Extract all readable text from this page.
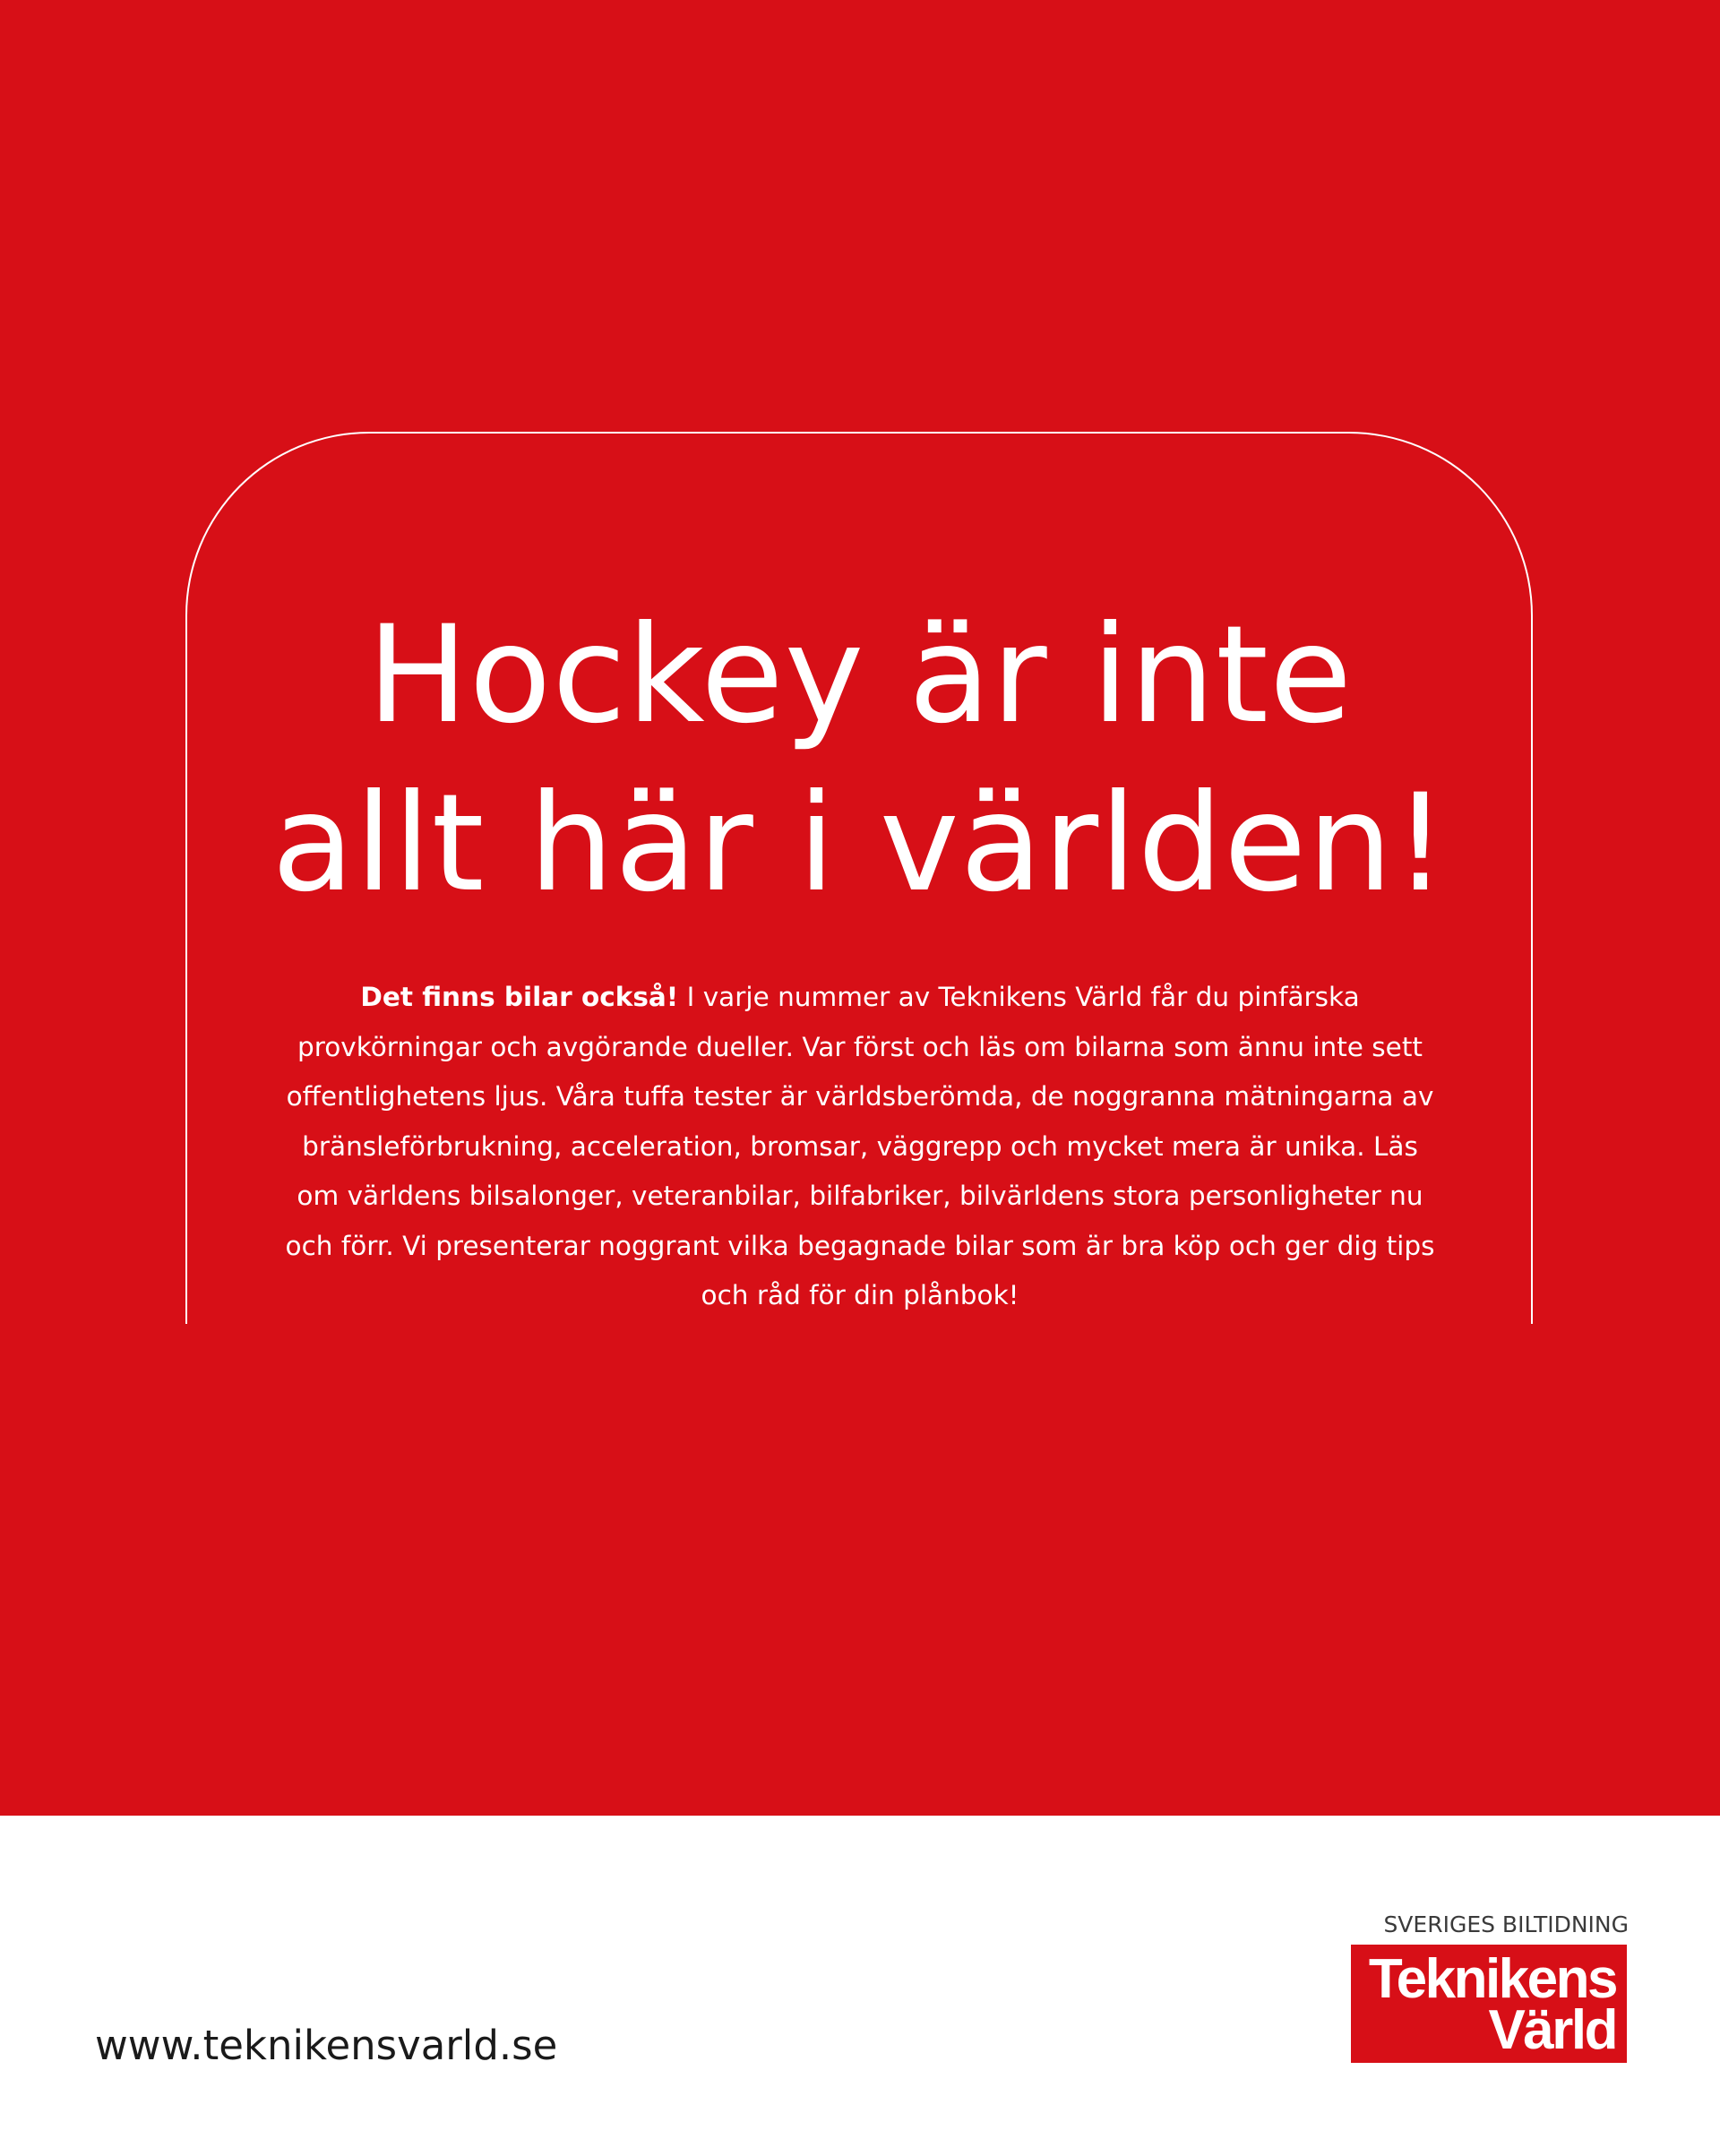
Hockey är inte
allt här i världen!

Det finns bilar också! I varje nummer av Teknikens Värld får du pinfärska provkörningar och avgörande dueller. Var först och läs om bilarna som ännu inte sett offentlighetens ljus. Våra tuffa tester är världsberömda, de noggranna mätningarna av bränsleförbrukning, acceleration, bromsar, väggrepp och mycket mera är unika. Läs om världens bilsalonger, veteranbilar, bilfabriker, bilvärldens stora personligheter nu och förr. Vi presenterar noggrant vilka begagnade bilar som är bra köp och ger dig tips och råd för din plånbok!

www.teknikensvarld.se
SVERIGES BILTIDNING
Teknikens
Värld
